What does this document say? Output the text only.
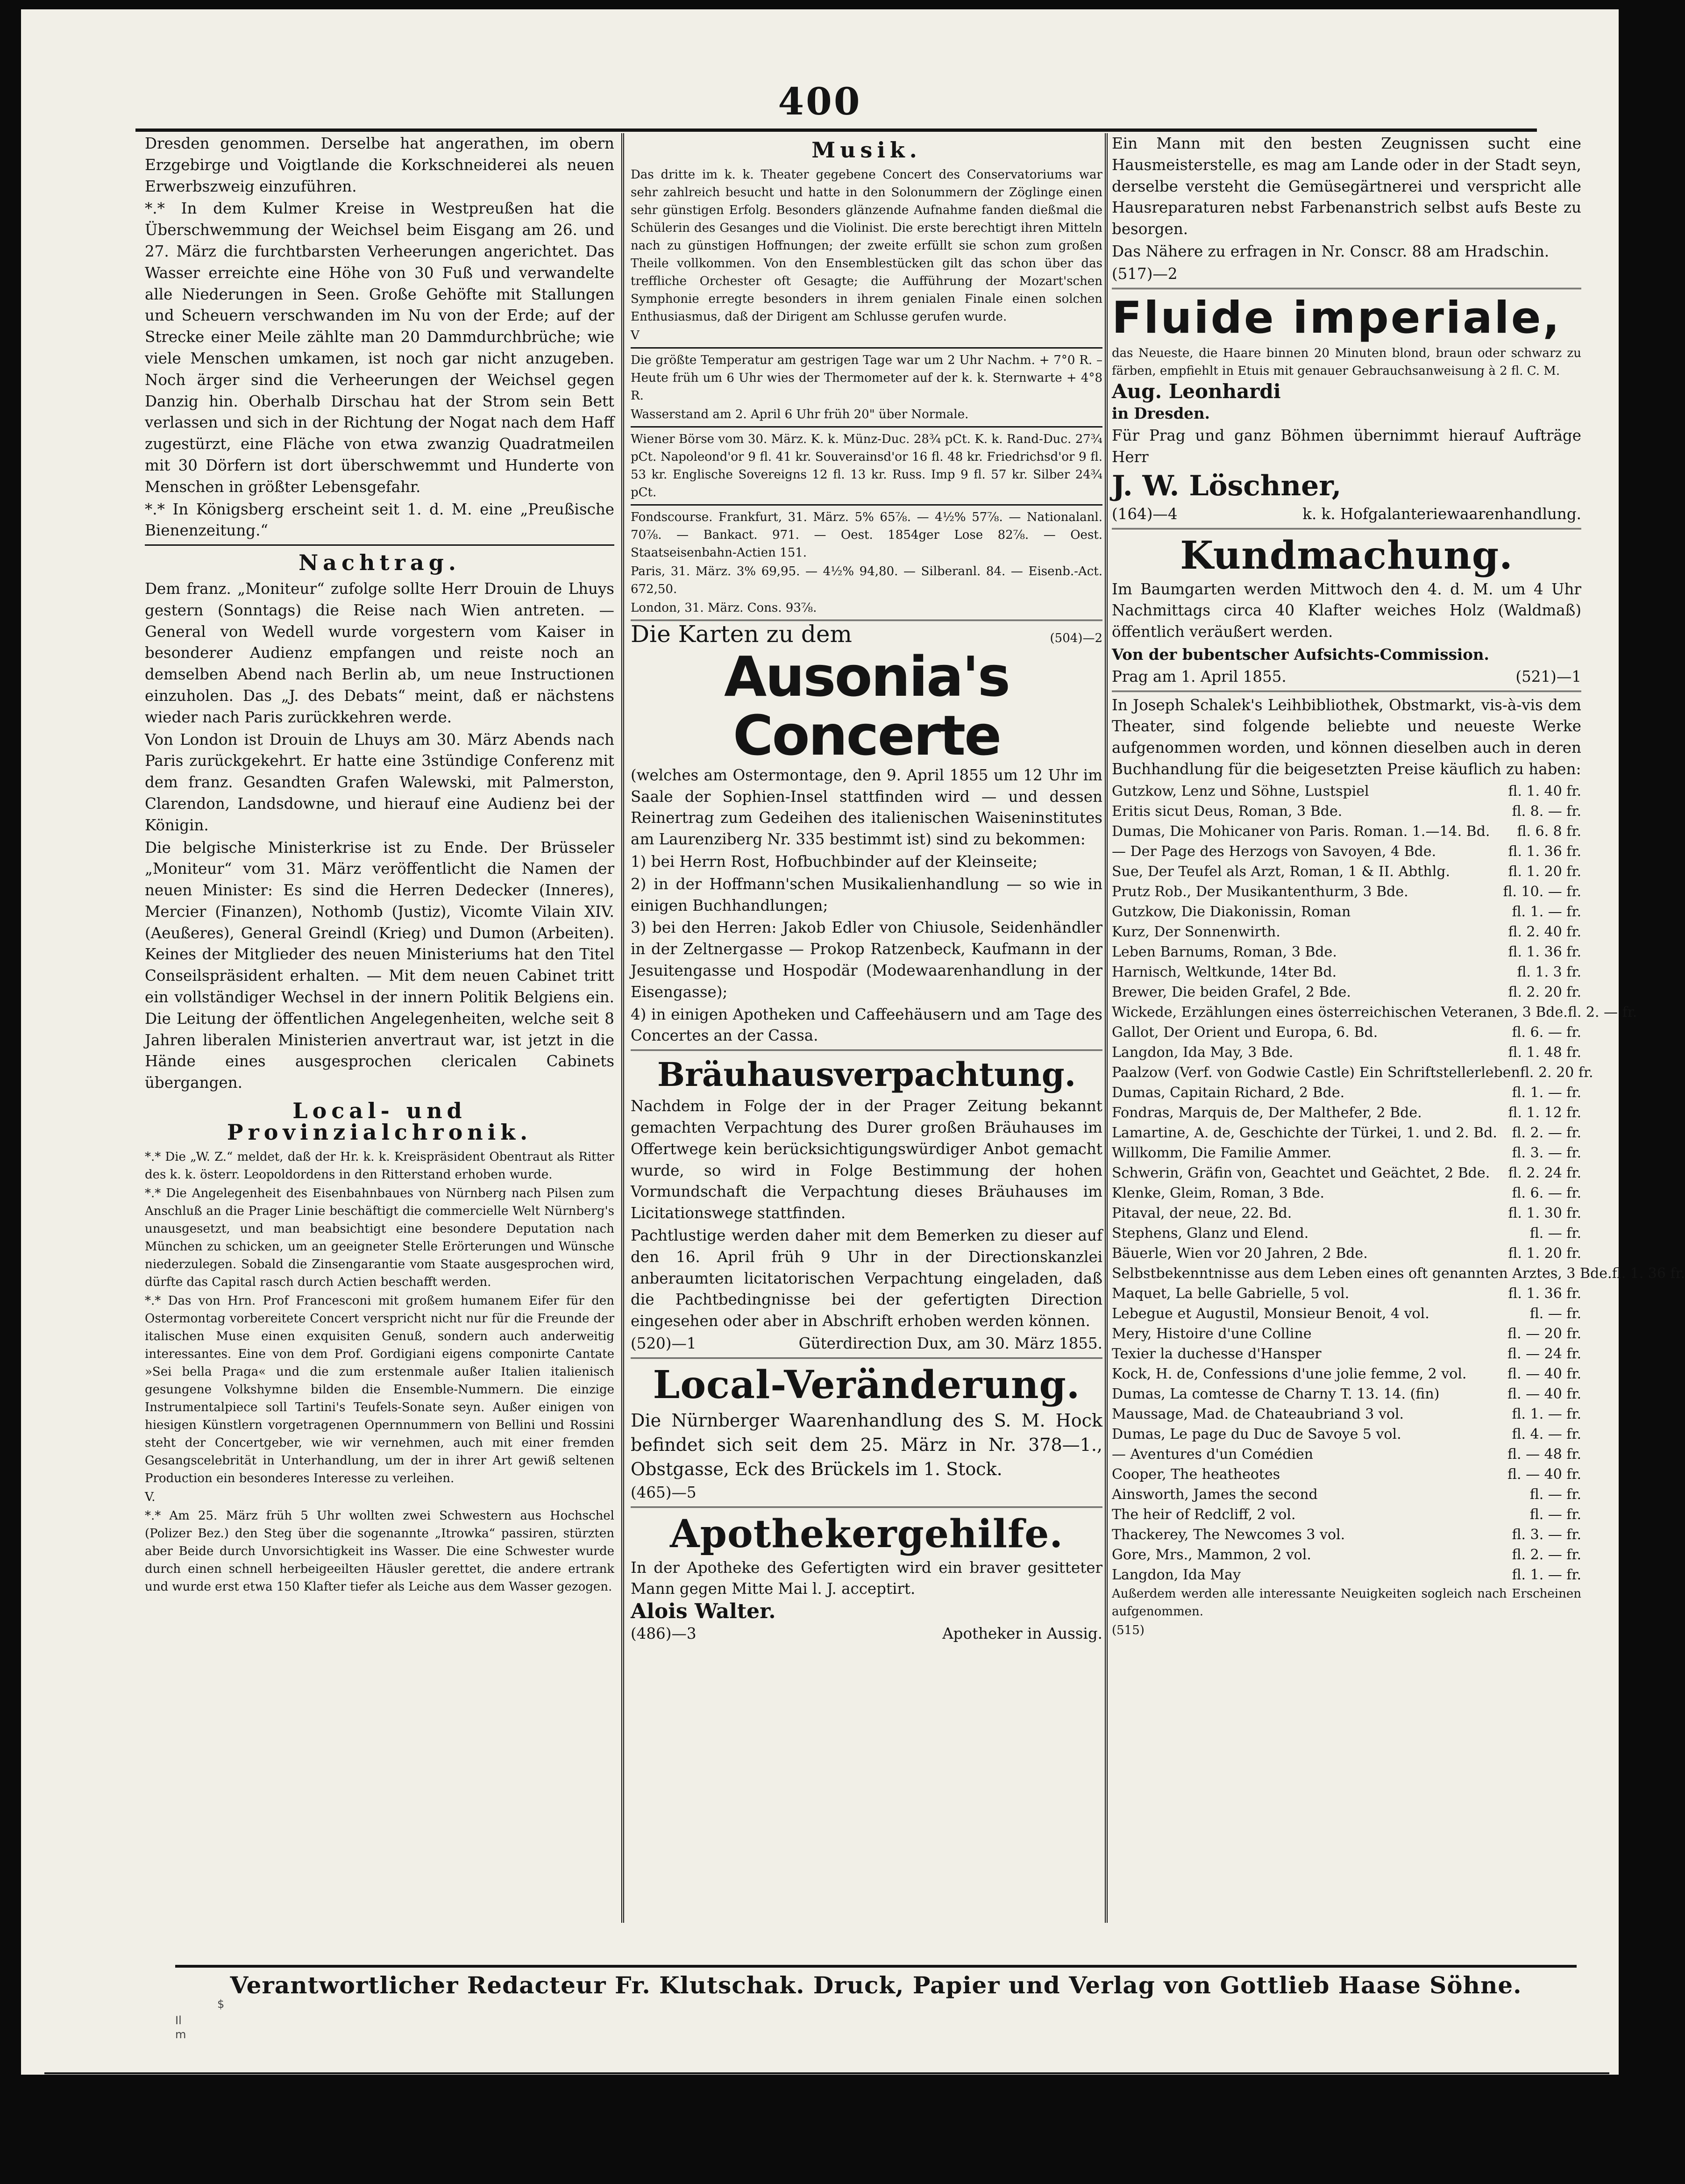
400

Dresden genommen. Derselbe hat angerathen, im obern Erzgebirge und Voigtlande die Korkschneiderei als neuen Erwerbszweig einzuführen.

*.* In dem Kulmer Kreise in Westpreußen hat die Überschwemmung der Weichsel beim Eisgang am 26. und 27. März die furchtbarsten Verheerungen angerichtet. Das Wasser erreichte eine Höhe von 30 Fuß und verwandelte alle Niederungen in Seen. Große Gehöfte mit Stallungen und Scheuern verschwanden im Nu von der Erde; auf der Strecke einer Meile zählte man 20 Dammdurchbrüche; wie viele Menschen umkamen, ist noch gar nicht anzugeben. Noch ärger sind die Verheerungen der Weichsel gegen Danzig hin. Oberhalb Dirschau hat der Strom sein Bett verlassen und sich in der Richtung der Nogat nach dem Haff zugestürzt, eine Fläche von etwa zwanzig Quadratmeilen mit 30 Dörfern ist dort überschwemmt und Hunderte von Menschen in größter Lebensgefahr.

*.* In Königsberg erscheint seit 1. d. M. eine „Preußische Bienenzeitung.“

Nachtrag.

Dem franz. „Moniteur“ zufolge sollte Herr Drouin de Lhuys gestern (Sonntags) die Reise nach Wien antreten. — General von Wedell wurde vorgestern vom Kaiser in besonderer Audienz empfangen und reiste noch an demselben Abend nach Berlin ab, um neue Instructionen einzuholen. Das „J. des Debats“ meint, daß er nächstens wieder nach Paris zurückkehren werde.

Von London ist Drouin de Lhuys am 30. März Abends nach Paris zurückgekehrt. Er hatte eine 3stündige Conferenz mit dem franz. Gesandten Grafen Walewski, mit Palmerston, Clarendon, Landsdowne, und hierauf eine Audienz bei der Königin.

Die belgische Ministerkrise ist zu Ende. Der Brüsseler „Moniteur“ vom 31. März veröffentlicht die Namen der neuen Minister: Es sind die Herren Dedecker (Inneres), Mercier (Finanzen), Nothomb (Justiz), Vicomte Vilain XIV. (Aeußeres), General Greindl (Krieg) und Dumon (Arbeiten). Keines der Mitglieder des neuen Ministeriums hat den Titel Conseilspräsident erhalten. — Mit dem neuen Cabinet tritt ein vollständiger Wechsel in der innern Politik Belgiens ein. Die Leitung der öffentlichen Angelegenheiten, welche seit 8 Jahren liberalen Ministerien anvertraut war, ist jetzt in die Hände eines ausgesprochen clericalen Cabinets übergangen.

Local- und Provinzialchronik.

*.* Die „W. Z.“ meldet, daß der Hr. k. k. Kreispräsident Obentraut als Ritter des k. k. österr. Leopoldordens in den Ritterstand erhoben wurde.

*.* Die Angelegenheit des Eisenbahnbaues von Nürnberg nach Pilsen zum Anschluß an die Prager Linie beschäftigt die commercielle Welt Nürnberg's unausgesetzt, und man beabsichtigt eine besondere Deputation nach München zu schicken, um an geeigneter Stelle Erörterungen und Wünsche niederzulegen. Sobald die Zinsengarantie vom Staate ausgesprochen wird, dürfte das Capital rasch durch Actien beschafft werden.

*.* Das von Hrn. Prof Francesconi mit großem humanem Eifer für den Ostermontag vorbereitete Concert verspricht nicht nur für die Freunde der italischen Muse einen exquisiten Genuß, sondern auch anderweitig interessantes. Eine von dem Prof. Gordigiani eigens componirte Cantate »Sei bella Praga« und die zum erstenmale außer Italien italienisch gesungene Volkshymne bilden die Ensemble-Nummern. Die einzige Instrumentalpiece soll Tartini's Teufels-Sonate seyn. Außer einigen von hiesigen Künstlern vorgetragenen Opernnummern von Bellini und Rossini steht der Concertgeber, wie wir vernehmen, auch mit einer fremden Gesangscelebrität in Unterhandlung, um der in ihrer Art gewiß seltenen Production ein besonderes Interesse zu verleihen.

V.

*.* Am 25. März früh 5 Uhr wollten zwei Schwestern aus Hochschel (Polizer Bez.) den Steg über die sogenannte „Itrowka“ passiren, stürzten aber Beide durch Unvorsichtigkeit ins Wasser. Die eine Schwester wurde durch einen schnell herbeigeeilten Häusler gerettet, die andere ertrank und wurde erst etwa 150 Klafter tiefer als Leiche aus dem Wasser gezogen.

Musik.

Das dritte im k. k. Theater gegebene Concert des Conservatoriums war sehr zahlreich besucht und hatte in den Solonummern der Zöglinge einen sehr günstigen Erfolg. Besonders glänzende Aufnahme fanden dießmal die Schülerin des Gesanges und die Violinist. Die erste berechtigt ihren Mitteln nach zu günstigen Hoffnungen; der zweite erfüllt sie schon zum großen Theile vollkommen. Von den Ensemblestücken gilt das schon über das treffliche Orchester oft Gesagte; die Aufführung der Mozart'schen Symphonie erregte besonders in ihrem genialen Finale einen solchen Enthusiasmus, daß der Dirigent am Schlusse gerufen wurde.

V

Die größte Temperatur am gestrigen Tage war um 2 Uhr Nachm. + 7°0 R. – Heute früh um 6 Uhr wies der Thermometer auf der k. k. Sternwarte + 4°8 R.

Wasserstand am 2. April 6 Uhr früh 20" über Normale.

Wiener Börse vom 30. März. K. k. Münz-Duc. 28¾ pCt. K. k. Rand-Duc. 27¾ pCt. Napoleond'or 9 fl. 41 kr. Souverainsd'or 16 fl. 48 kr. Friedrichsd'or 9 fl. 53 kr. Englische Sovereigns 12 fl. 13 kr. Russ. Imp 9 fl. 57 kr. Silber 24¾ pCt.

Fondscourse. Frankfurt, 31. März. 5% 65⅞. — 4½% 57⅞. — Nationalanl. 70⅞. — Bankact. 971. — Oest. 1854ger Lose 82⅞. — Oest. Staatseisenbahn-Actien 151.

Paris, 31. März. 3% 69,95. — 4½% 94,80. — Silberanl. 84. — Eisenb.-Act. 672,50.

London, 31. März. Cons. 93⅞.

Die Karten zu dem	(504)—2
Ausonia's Concerte

(welches am Ostermontage, den 9. April 1855 um 12 Uhr im Saale der Sophien-Insel stattfinden wird — und dessen Reinertrag zum Gedeihen des italienischen Waiseninstitutes am Laurenziberg Nr. 335 bestimmt ist) sind zu bekommen:

1) bei Herrn Rost, Hofbuchbinder auf der Kleinseite;

2) in der Hoffmann'schen Musikalienhandlung — so wie in einigen Buchhandlungen;

3) bei den Herren: Jakob Edler von Chiusole, Seidenhändler in der Zeltnergasse — Prokop Ratzenbeck, Kaufmann in der Jesuitengasse und Hospodär (Modewaarenhandlung in der Eisengasse);

4) in einigen Apotheken und Caffeehäusern und am Tage des Concertes an der Cassa.

Bräuhausverpachtung.

Nachdem in Folge der in der Prager Zeitung bekannt gemachten Verpachtung des Durer großen Bräuhauses im Offertwege kein berücksichtigungswürdiger Anbot gemacht wurde, so wird in Folge Bestimmung der hohen Vormundschaft die Verpachtung dieses Bräuhauses im Licitationswege stattfinden.

Pachtlustige werden daher mit dem Bemerken zu dieser auf den 16. April früh 9 Uhr in der Directionskanzlei anberaumten licitatorischen Verpachtung eingeladen, daß die Pachtbedingnisse bei der gefertigten Direction eingesehen oder aber in Abschrift erhoben werden können.

(520)—1	Güterdirection Dux, am 30. März 1855.
Local-Veränderung.

Die Nürnberger Waarenhandlung des S. M. Hock befindet sich seit dem 25. März in Nr. 378—1., Obstgasse, Eck des Brückels im 1. Stock.

(465)—5

Apothekergehilfe.

In der Apotheke des Gefertigten wird ein braver gesitteter Mann gegen Mitte Mai l. J. acceptirt.

Alois Walter.

(486)—3	Apotheker in Aussig.

Ein Mann mit den besten Zeugnissen sucht eine Hausmeisterstelle, es mag am Lande oder in der Stadt seyn, derselbe versteht die Gemüsegärtnerei und verspricht alle Hausreparaturen nebst Farbenanstrich selbst aufs Beste zu besorgen.

Das Nähere zu erfragen in Nr. Conscr. 88 am Hradschin.

(517)—2

Fluide imperiale,

das Neueste, die Haare binnen 20 Minuten blond, braun oder schwarz zu färben, empfiehlt in Etuis mit genauer Gebrauchsanweisung à 2 fl. C. M.

Aug. Leonhardi

in Dresden.

Für Prag und ganz Böhmen übernimmt hierauf Aufträge Herr

J. W. Löschner,

(164)—4	k. k. Hofgalanteriewaarenhandlung.
Kundmachung.

Im Baumgarten werden Mittwoch den 4. d. M. um 4 Uhr Nachmittags circa 40 Klafter weiches Holz (Waldmaß) öffentlich veräußert werden.

Von der bubentscher Aufsichts-Commission.

Prag am 1. April 1855.	(521)—1

In Joseph Schalek's Leihbibliothek, Obstmarkt, vis-à-vis dem Theater, sind folgende beliebte und neueste Werke aufgenommen worden, und können dieselben auch in deren Buchhandlung für die beigesetzten Preise käuflich zu haben:

Gutzkow, Lenz und Söhne, Lustspiel	fl. 1. 40 fr.
Eritis sicut Deus, Roman, 3 Bde.	fl. 8. — fr.
Dumas, Die Mohicaner von Paris. Roman. 1.—14. Bd.	fl. 6. 8 fr.
— Der Page des Herzogs von Savoyen, 4 Bde.	fl. 1. 36 fr.
Sue, Der Teufel als Arzt, Roman, 1 & II. Abthlg.	fl. 1. 20 fr.
Prutz Rob., Der Musikantenthurm, 3 Bde.	fl. 10. — fr.
Gutzkow, Die Diakonissin, Roman	fl. 1. — fr.
Kurz, Der Sonnenwirth.	fl. 2. 40 fr.
Leben Barnums, Roman, 3 Bde.	fl. 1. 36 fr.
Harnisch, Weltkunde, 14ter Bd.	fl. 1. 3 fr.
Brewer, Die beiden Grafel, 2 Bde.	fl. 2. 20 fr.
Wickede, Erzählungen eines österreichischen Veteranen, 3 Bde. fl. 2. — fr.
Gallot, Der Orient und Europa, 6. Bd.	fl. 6. — fr.
Langdon, Ida May, 3 Bde.	fl. 1. 48 fr.
Paalzow (Verf. von Godwie Castle) Ein Schriftstellerleben fl. 2. 20 fr.
Dumas, Capitain Richard, 2 Bde.	fl. 1. — fr.
Fondras, Marquis de, Der Malthefer, 2 Bde.	fl. 1. 12 fr.
Lamartine, A. de, Geschichte der Türkei, 1. und 2. Bd.	fl. 2. — fr.
Willkomm, Die Familie Ammer.	fl. 3. — fr.
Schwerin, Gräfin von, Geachtet und Geächtet, 2 Bde.	fl. 2. 24 fr.
Klenke, Gleim, Roman, 3 Bde.	fl. 6. — fr.
Pitaval, der neue, 22. Bd.	fl. 1. 30 fr.
Stephens, Glanz und Elend.	fl. — fr.
Bäuerle, Wien vor 20 Jahren, 2 Bde.	fl. 1. 20 fr.
Selbstbekenntnisse aus dem Leben eines oft genannten Arztes, 3 Bde. fl. 1. 36 fr.
Maquet, La belle Gabrielle, 5 vol.	fl. 1. 36 fr.
Lebegue et Augustil, Monsieur Benoit, 4 vol.	fl. — fr.
Mery, Histoire d'une Colline	fl. — 20 fr.
Texier la duchesse d'Hansper	fl. — 24 fr.
Kock, H. de, Confessions d'une jolie femme, 2 vol.	fl. — 40 fr.
Dumas, La comtesse de Charny T. 13. 14. (fin)	fl. — 40 fr.
Maussage, Mad. de Chateaubriand 3 vol.	fl. 1. — fr.
Dumas, Le page du Duc de Savoye 5 vol.	fl. 4. — fr.
— Aventures d'un Comédien	fl. — 48 fr.
Cooper, The heatheotes	fl. — 40 fr.
Ainsworth, James the second	fl. — fr.
The heir of Redcliff, 2 vol.	fl. — fr.
Thackerey, The Newcomes 3 vol.	fl. 3. — fr.
Gore, Mrs., Mammon, 2 vol.	fl. 2. — fr.
Langdon, Ida May	fl. 1. — fr.

Außerdem werden alle interessante Neuigkeiten sogleich nach Erscheinen aufgenommen.

(515)

Verantwortlicher Redacteur Fr. Klutschak. Druck, Papier und Verlag von Gottlieb Haase Söhne.
$
Il
m
